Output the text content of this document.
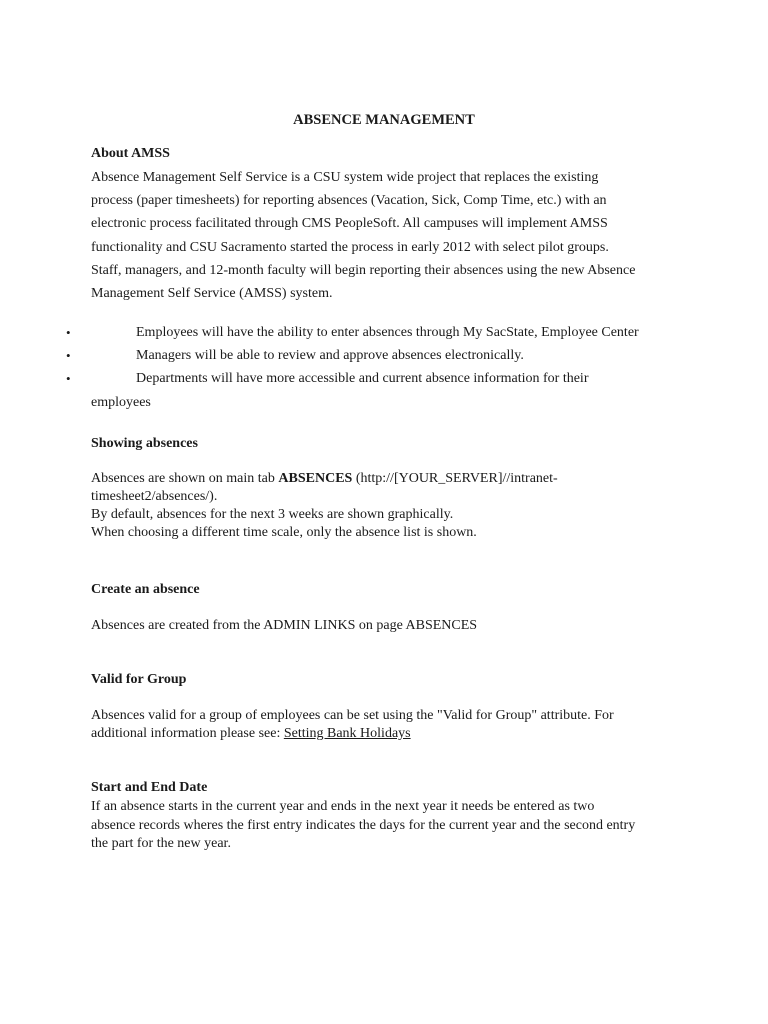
ABSENCE MANAGEMENT
About AMSS
Absence Management Self Service is a CSU system wide project that replaces the existing
process (paper timesheets) for reporting absences (Vacation, Sick, Comp Time, etc.) with an
electronic process facilitated through CMS PeopleSoft. All campuses will implement AMSS
functionality and CSU Sacramento started the process in early 2012 with select pilot groups.
Staff, managers, and 12-month faculty will begin reporting their absences using the new Absence
Management Self Service (AMSS) system.
•	Employees will have the ability to enter absences through My SacState, Employee Center
•	Managers will be able to review and approve absences electronically.
•	Departments will have more accessible and current absence information for their
employees
Showing absences
Absences are shown on main tab ABSENCES (http://[YOUR_SERVER]//intranet-
timesheet2/absences/).
By default, absences for the next 3 weeks are shown graphically.
When choosing a different time scale, only the absence list is shown.
Create an absence
Absences are created from the ADMIN LINKS on page ABSENCES
Valid for Group
Absences valid for a group of employees can be set using the "Valid for Group" attribute. For
additional information please see: Setting Bank Holidays
Start and End Date
If an absence starts in the current year and ends in the next year it needs be entered as two
absence records wheres the first entry indicates the days for the current year and the second entry
the part for the new year.
